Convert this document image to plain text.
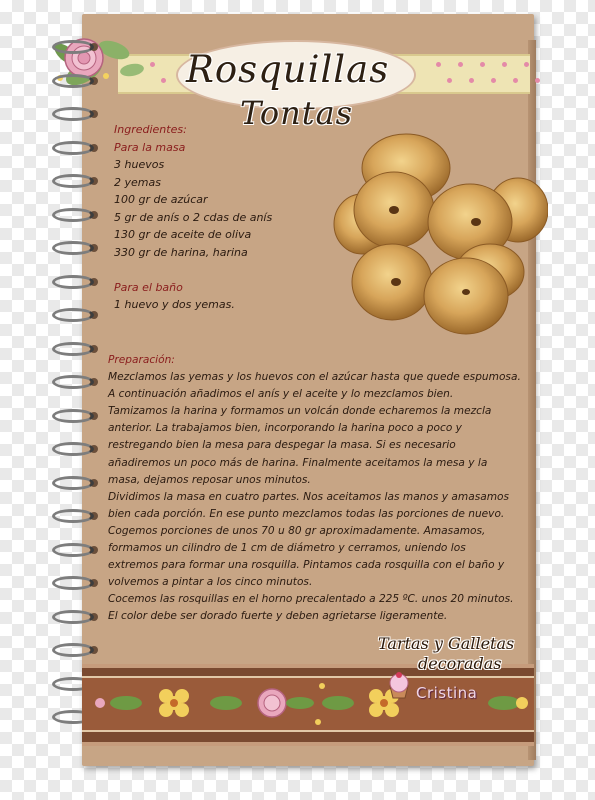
Rosquillas
Tontas
Ingredientes:
Para la masa
3 huevos
2 yemas
100 gr de azúcar
5 gr de anís o 2 cdas de anís
130 gr de aceite de oliva
330 gr de harina, harina
Para el baño
1 huevo y dos yemas.
Preparación:
Mezclamos las yemas y los huevos con el azúcar hasta que quede espumosa.
A continuación añadimos el anís y el aceite y lo mezclamos bien.
Tamizamos la harina y formamos un volcán donde echaremos la mezcla
anterior. La trabajamos bien, incorporando la harina poco a poco y
restregando bien la mesa para despegar la masa. Si es necesario
añadiremos un poco más de harina. Finalmente aceitamos la mesa y la
masa, dejamos reposar unos minutos.
Dividimos la masa en cuatro partes. Nos aceitamos las manos y amasamos
bien cada porción. En ese punto mezclamos todas las porciones de nuevo.
Cogemos porciones de unos 70 u 80 gr aproximadamente. Amasamos,
formamos un cilindro de 1 cm de diámetro y cerramos, uniendo los
extremos para formar una rosquilla. Pintamos cada rosquilla con el baño y
volvemos a pintar a los cinco minutos.
Cocemos las rosquillas en el horno precalentado a 225 ºC. unos 20 minutos.
El color debe ser dorado fuerte y deben agrietarse ligeramente.
Tartas y Galletas
decoradas
Cristina
